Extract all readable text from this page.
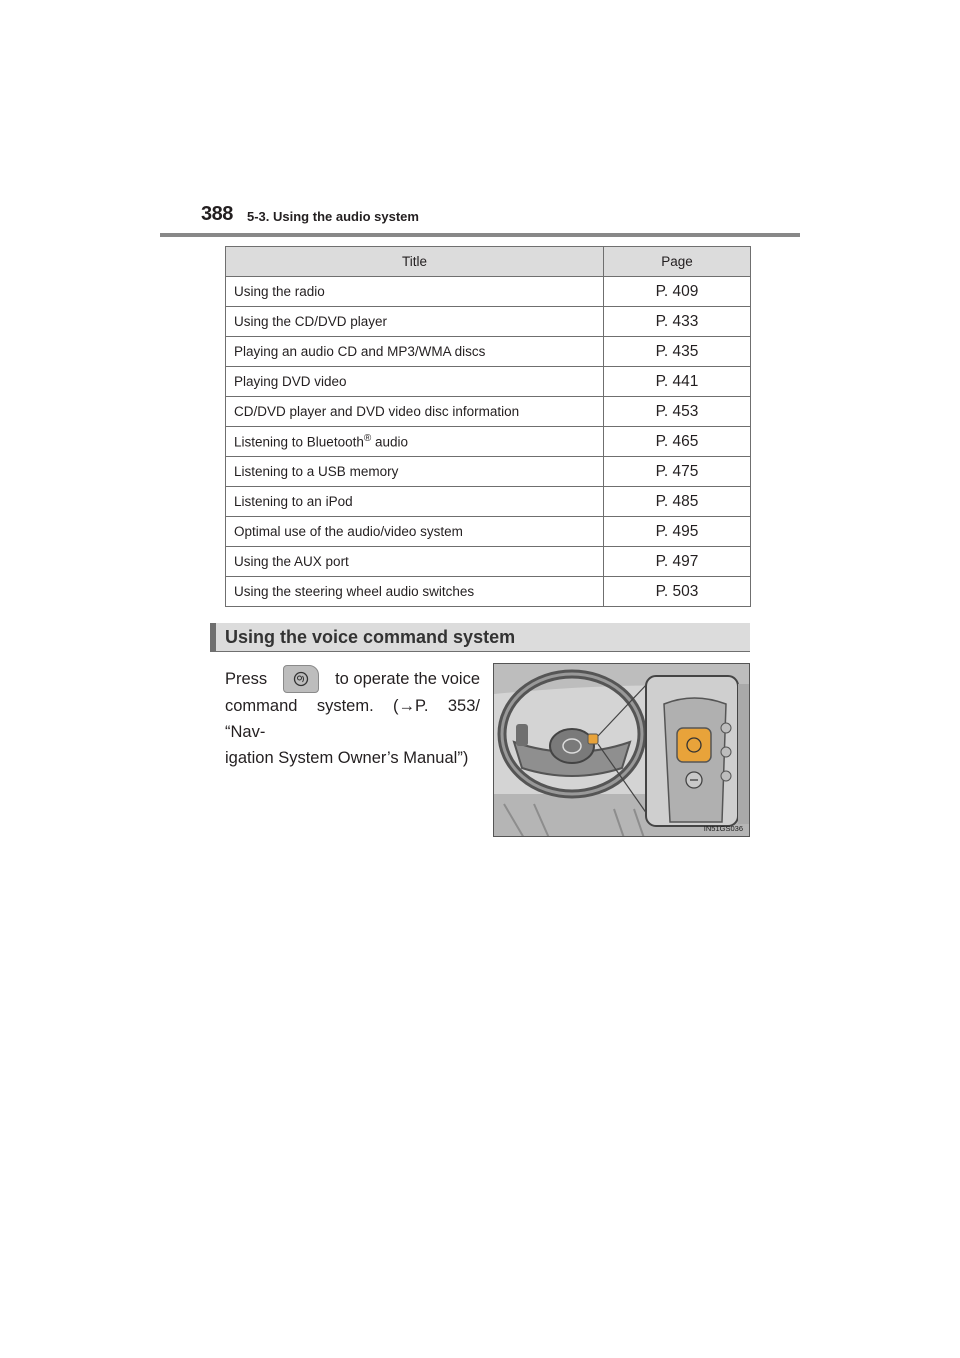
388 5-3. Using the audio system
Title	Page
Using the radio	P. 409
Using the CD/DVD player	P. 433
Playing an audio CD and MP3/WMA discs	P. 435
Playing DVD video	P. 441
CD/DVD player and DVD video disc information	P. 453
Listening to Bluetooth® audio	P. 465
Listening to a USB memory	P. 475
Listening to an iPod	P. 485
Optimal use of the audio/video system	P. 495
Using the AUX port	P. 497
Using the steering wheel audio switches	P. 503
Using the voice command system
Press	to operate the voice
command system. (→P. 353/ “Nav-
igation System Owner’s Manual”)
IN51GS036
